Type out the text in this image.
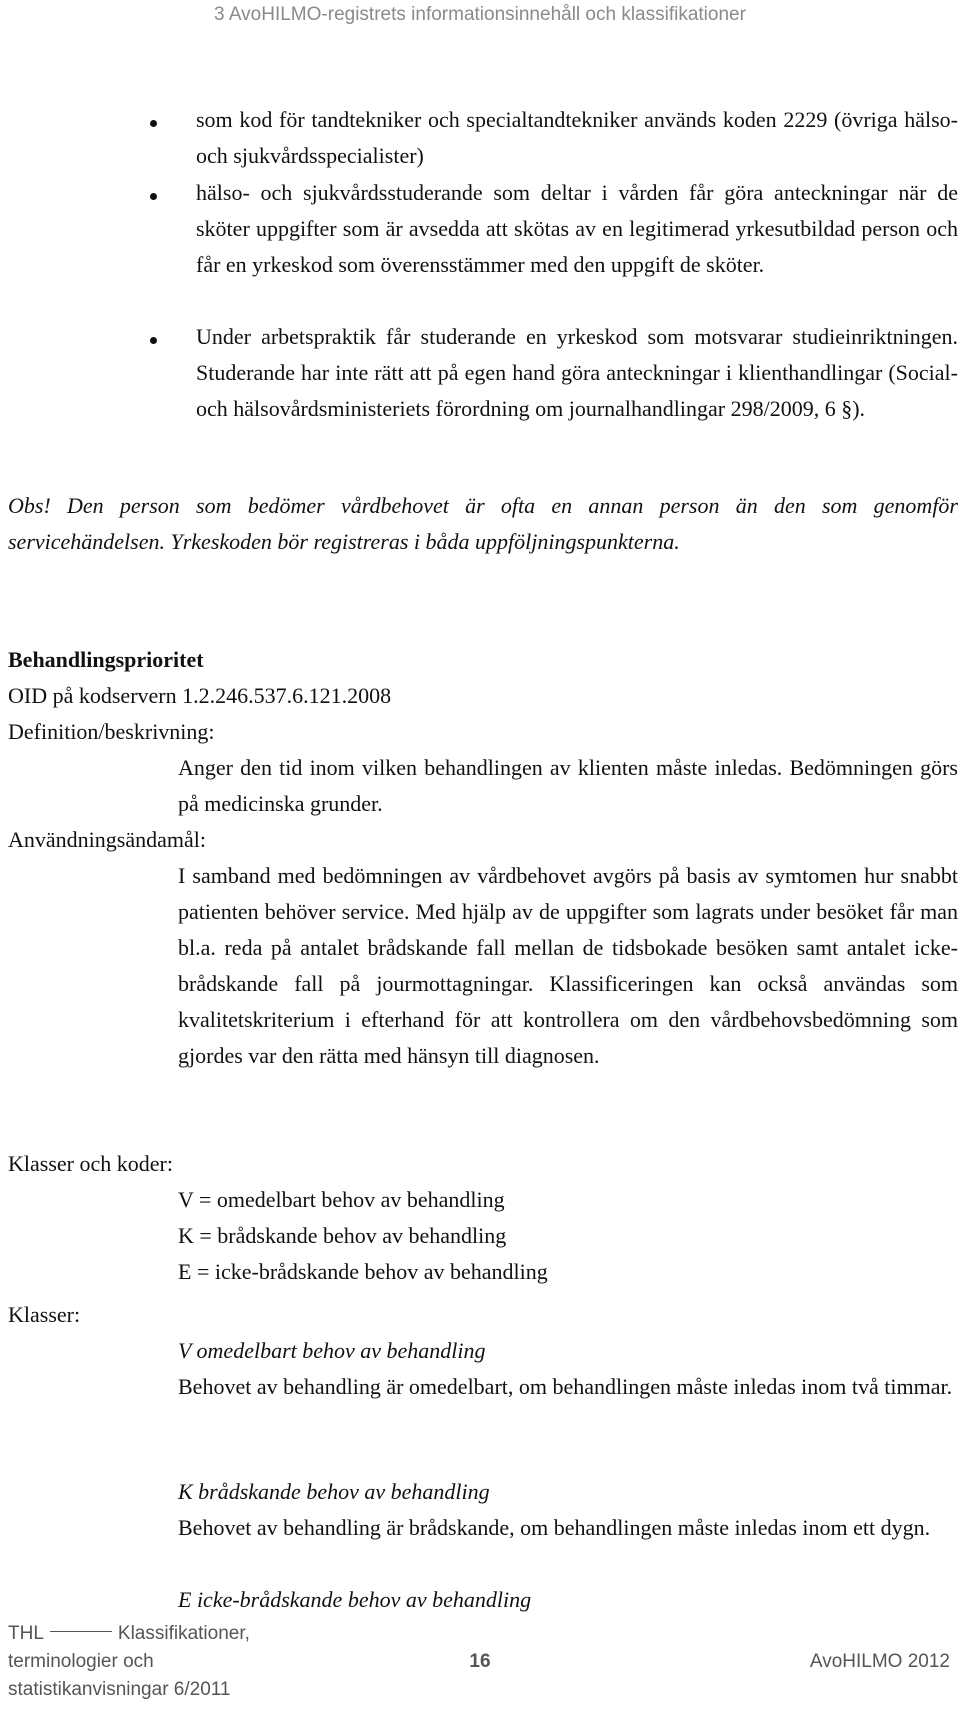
3 AvoHILMO-registrets informationsinnehåll och klassifikationer
som kod för tandtekniker och specialtandtekniker används koden 2229 (övriga hälso- och sjukvårdsspecialister)
hälso- och sjukvårdsstuderande som deltar i vården får göra anteckningar när de sköter uppgifter som är avsedda att skötas av en legitimerad yrkesutbildad person och får en yrkeskod som överensstämmer med den uppgift de sköter.
Under arbetspraktik får studerande en yrkeskod som motsvarar studieinriktningen. Studerande har inte rätt att på egen hand göra anteckningar i klienthandlingar (Social- och hälsovårdsministeriets förordning om journalhandlingar 298/2009, 6 §).
Obs! Den person som bedömer vårdbehovet är ofta en annan person än den som genomför servicehändelsen. Yrkeskoden bör registreras i båda uppföljningspunkterna.
Behandlingsprioritet
OID på kodservern 1.2.246.537.6.121.2008
Definition/beskrivning:
Anger den tid inom vilken behandlingen av klienten måste inledas. Bedömningen görs på medicinska grunder.
Användningsändamål:
I samband med bedömningen av vårdbehovet avgörs på basis av symtomen hur snabbt patienten behöver service. Med hjälp av de uppgifter som lagrats under besöket får man bl.a. reda på antalet brådskande fall mellan de tidsbokade besöken samt antalet icke-brådskande fall på jourmottagningar. Klassificeringen kan också användas som kvalitetskriterium i efterhand för att kontrollera om den vårdbehovsbedömning som gjordes var den rätta med hänsyn till diagnosen.
Klasser och koder:
V = omedelbart behov av behandling
K = brådskande behov av behandling
E = icke-brådskande behov av behandling
Klasser:
V omedelbart behov av behandling
Behovet av behandling är omedelbart, om behandlingen måste inledas inom två timmar.
K brådskande behov av behandling
Behovet av behandling är brådskande, om behandlingen måste inledas inom ett dygn.
E icke-brådskande behov av behandling
THL	Klassifikationer,
terminologier och
statistikanvisningar 6/2011
16	AvoHILMO 2012
